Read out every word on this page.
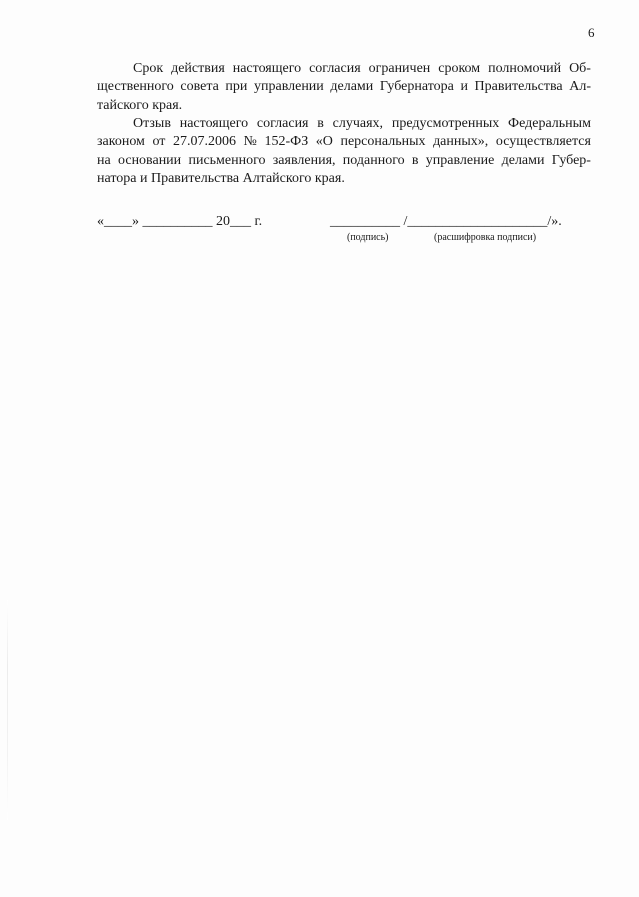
6
Срок действия настоящего согласия ограничен сроком полномочий Об-
щественного совета при управлении делами Губернатора и Правительства Ал-
тайского края.
Отзыв настоящего согласия в случаях, предусмотренных Федеральным
законом от 27.07.2006 № 152-ФЗ «О персональных данных», осуществляется
на основании письменного заявления, поданного в управление делами Губер-
натора и Правительства Алтайского края.
«____» __________ 20___ г.	__________ /____________________/».
(подпись)	(расшифровка подписи)
